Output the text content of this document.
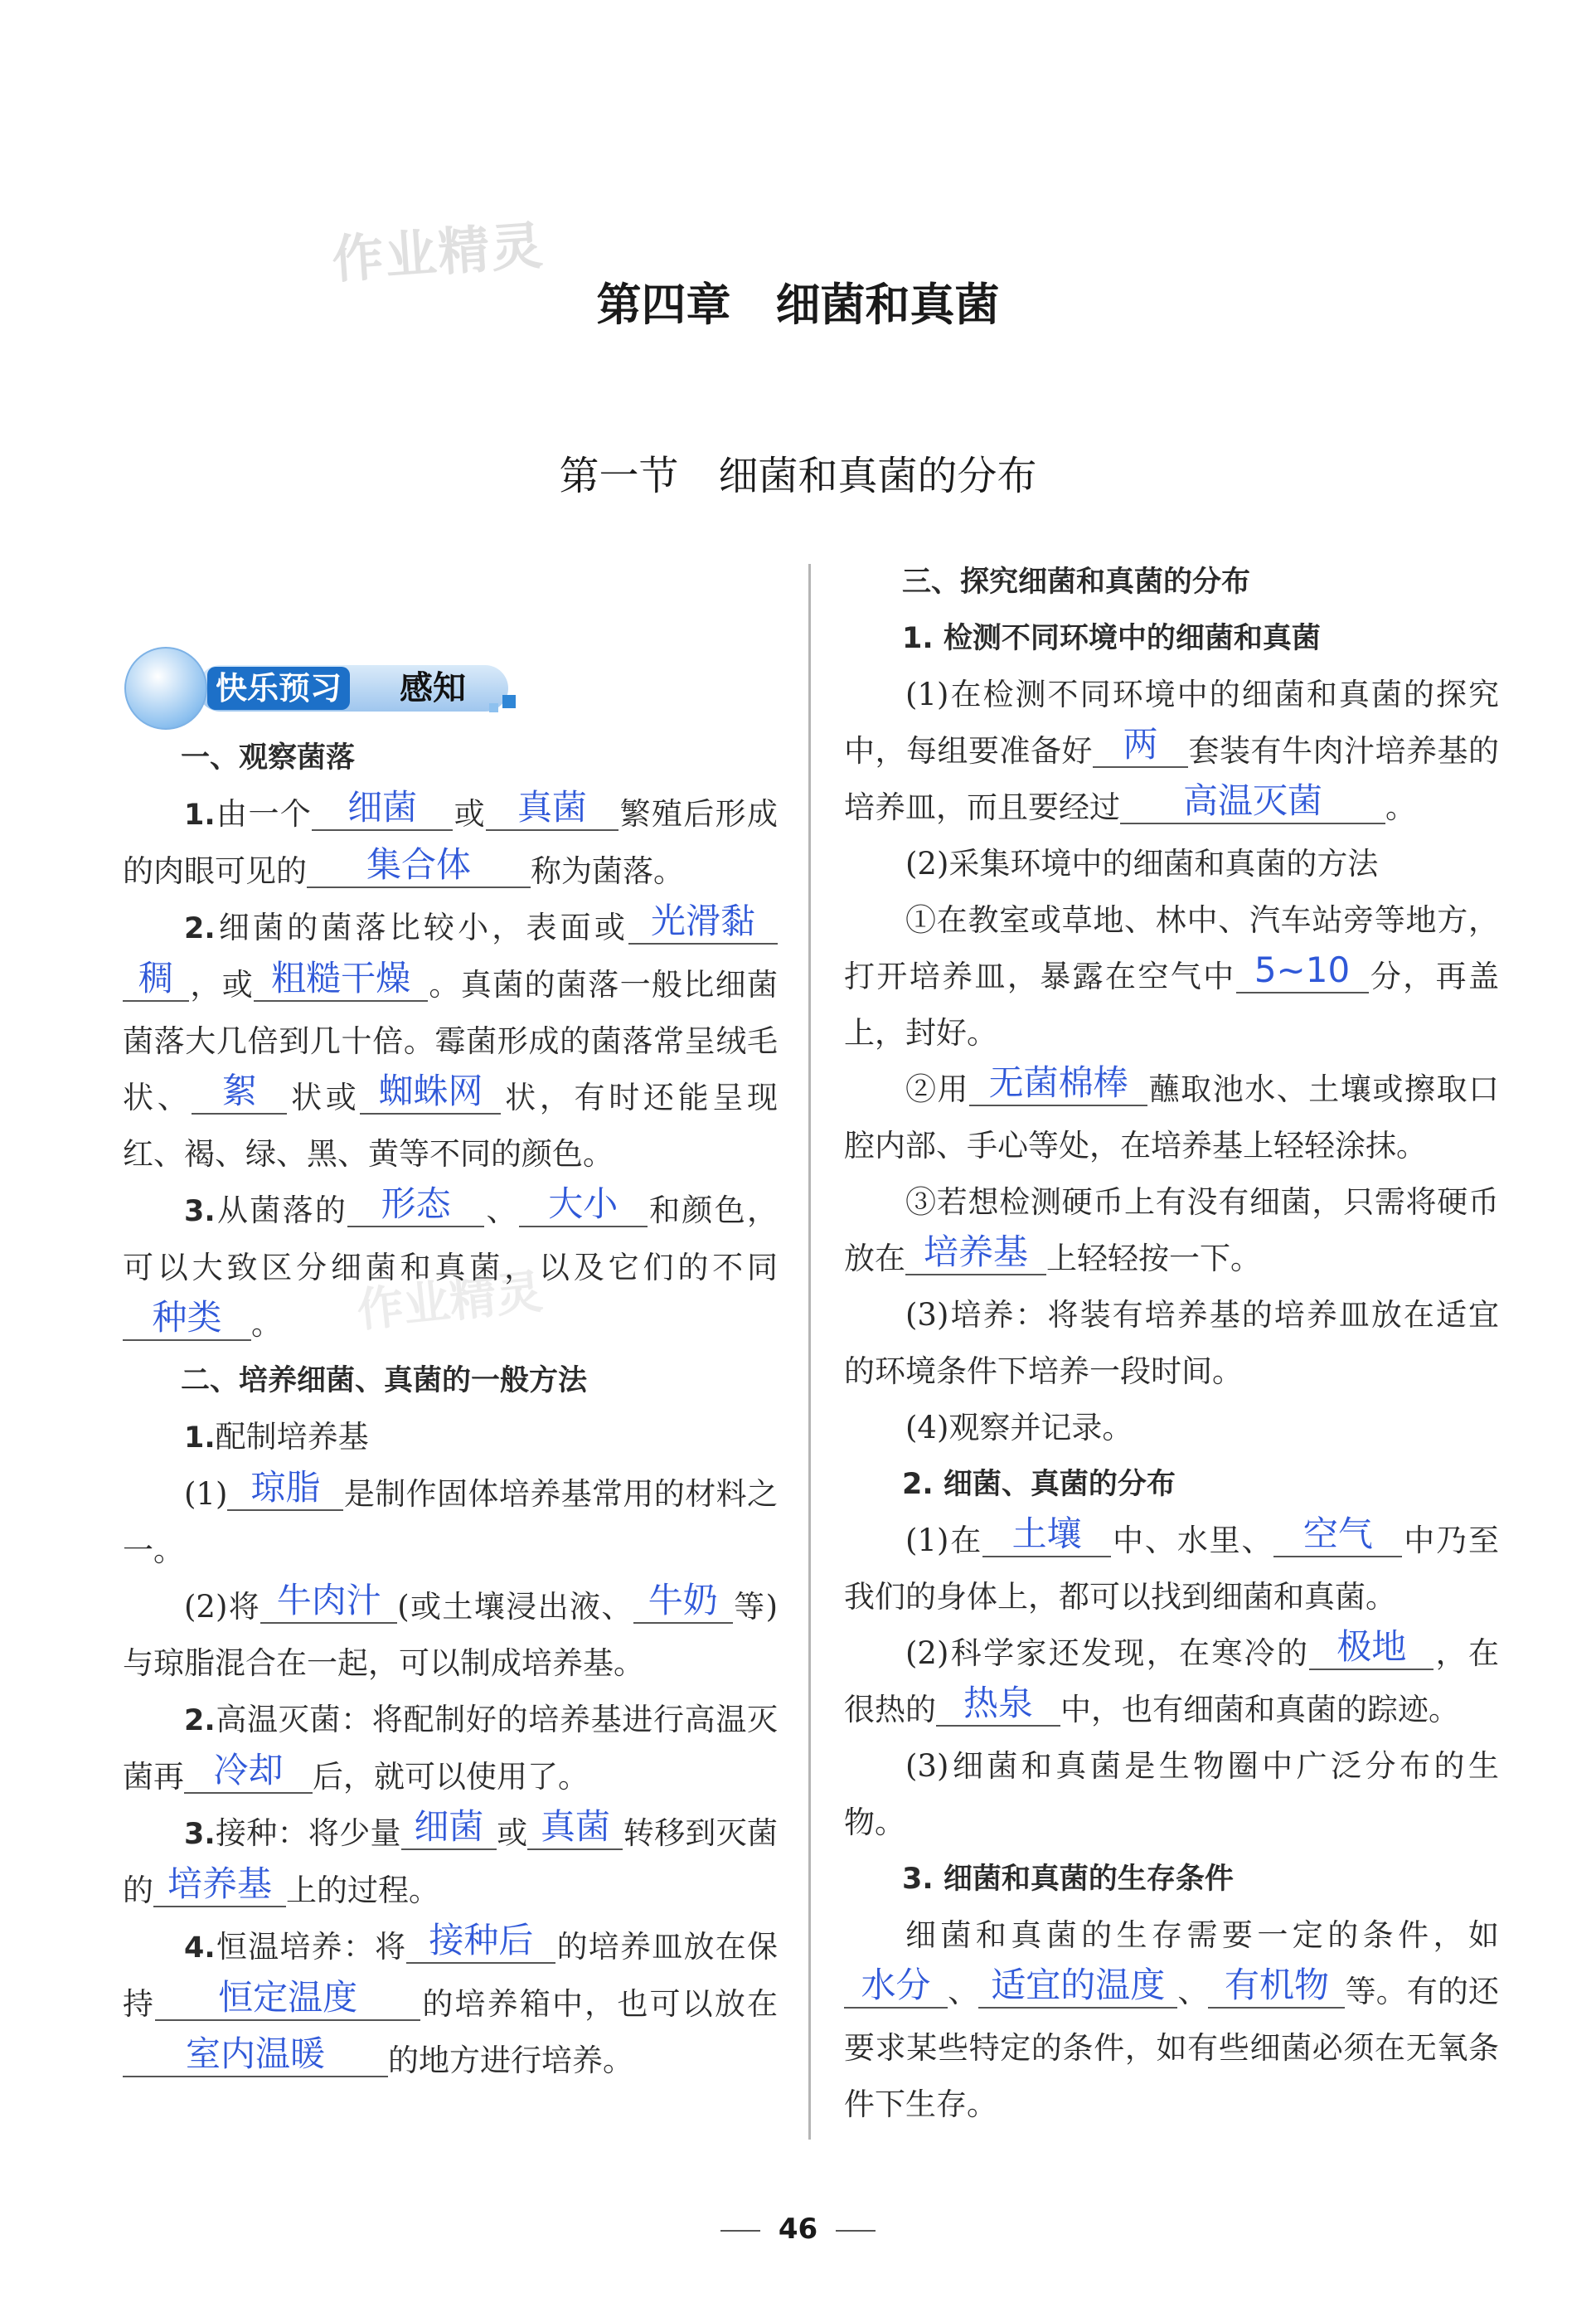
作业精灵
作业精灵
第四章　细菌和真菌
第一节　细菌和真菌的分布
快乐预习 感知

一、观察菌落

1.由一个 细菌 或 真菌 繁殖后形成的肉眼可见的 集合体 称为菌落。

2.细菌的菌落比较小，表面或 光滑黏稠 ，或 粗糙干燥 。真菌的菌落一般比细菌菌落大几倍到几十倍。霉菌形成的菌落常呈绒毛状、 絮 状或 蜘蛛网 状，有时还能呈现红、褐、绿、黑、黄等不同的颜色。

3.从菌落的 形态 、 大小 和颜色，可以大致区分细菌和真菌，以及它们的不同种类 。

二、培养细菌、真菌的一般方法

1.配制培养基

(1) 琼脂 是制作固体培养基常用的材料之一。

(2)将 牛肉汁 (或土壤浸出液、 牛奶 等)与琼脂混合在一起，可以制成培养基。

2.高温灭菌：将配制好的培养基进行高温灭菌再 冷却 后，就可以使用了。

3.接种：将少量 细菌 或 真菌 转移到灭菌的 培养基 上的过程。

4.恒温培养：将 接种后 的培养皿放在保持 恒定温度 的培养箱中，也可以放在室内温暖 的地方进行培养。

三、探究细菌和真菌的分布

1. 检测不同环境中的细菌和真菌

(1)在检测不同环境中的细菌和真菌的探究中，每组要准备好 两 套装有牛肉汁培养基的培养皿，而且要经过 高温灭菌 。

(2)采集环境中的细菌和真菌的方法

①在教室或草地、林中、汽车站旁等地方，打开培养皿，暴露在空气中 5~10 分，再盖上，封好。

②用 无菌棉棒 蘸取池水、土壤或擦取口腔内部、手心等处，在培养基上轻轻涂抹。

③若想检测硬币上有没有细菌，只需将硬币放在 培养基 上轻轻按一下。

(3)培养：将装有培养基的培养皿放在适宜的环境条件下培养一段时间。

(4)观察并记录。

2. 细菌、真菌的分布

(1)在 土壤 中、水里、 空气 中乃至我们的身体上，都可以找到细菌和真菌。

(2)科学家还发现，在寒冷的 极地 ，在很热的 热泉 中，也有细菌和真菌的踪迹。

(3)细菌和真菌是生物圈中广泛分布的生物。

3. 细菌和真菌的生存条件

细菌和真菌的生存需要一定的条件，如水分 、 适宜的温度 、 有机物 等。有的还要求某些特定的条件，如有些细菌必须在无氧条件下生存。

46
